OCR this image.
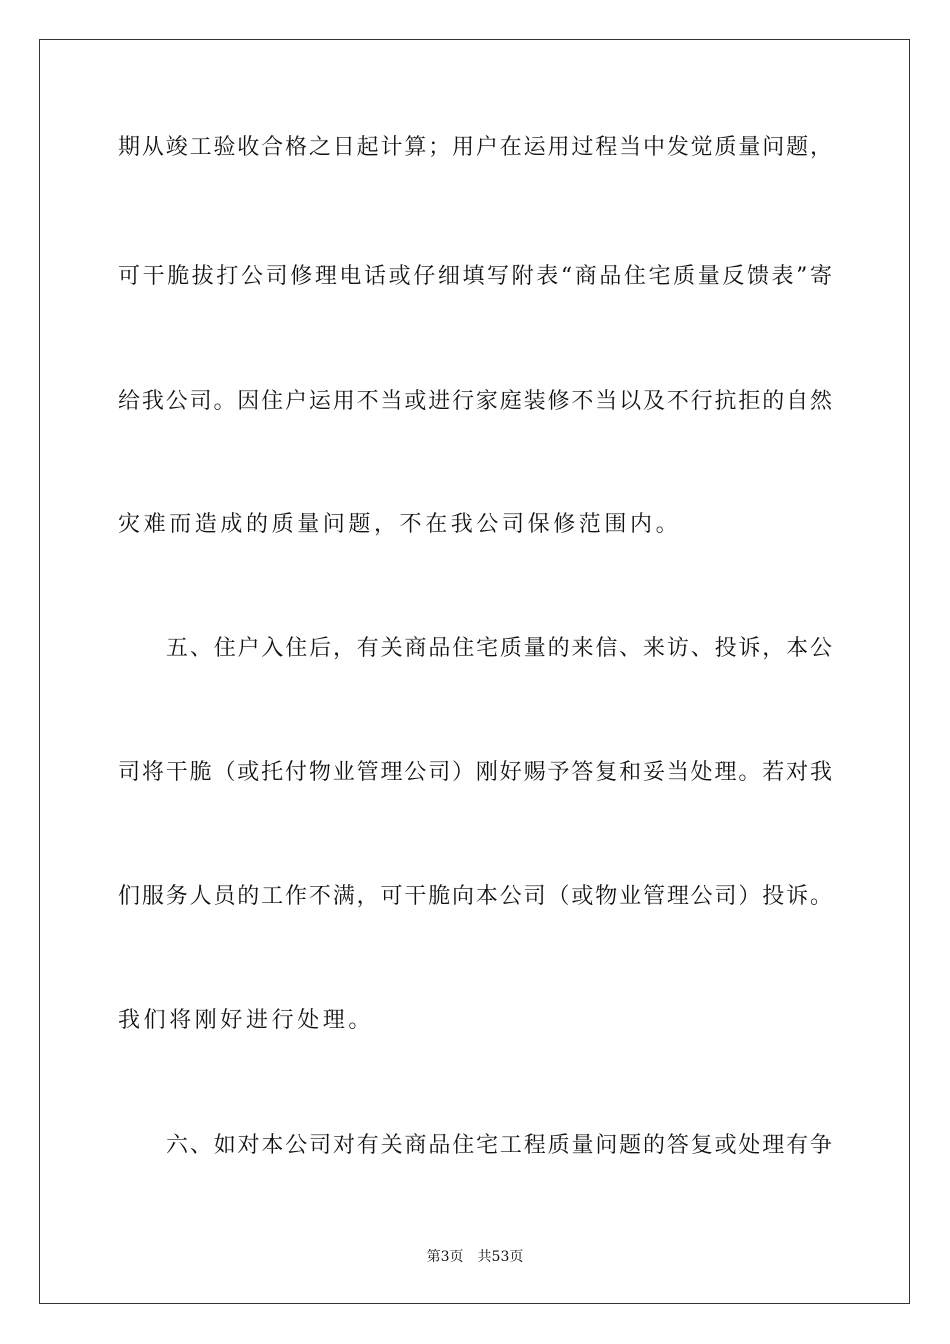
期从竣工验收合格之日起计算；用户在运用过程当中发觉质量问题，
可干脆拔打公司修理电话或仔细填写附表“商品住宅质量反馈表”寄
给我公司。因住户运用不当或进行家庭装修不当以及不行抗拒的自然
灾难而造成的质量问题，不在我公司保修范围内。
五、住户入住后，有关商品住宅质量的来信、来访、投诉，本公
司将干脆（或托付物业管理公司）刚好赐予答复和妥当处理。若对我
们服务人员的工作不满，可干脆向本公司（或物业管理公司）投诉。
我们将刚好进行处理。
六、如对本公司对有关商品住宅工程质量问题的答复或处理有争
第3页 共53页
